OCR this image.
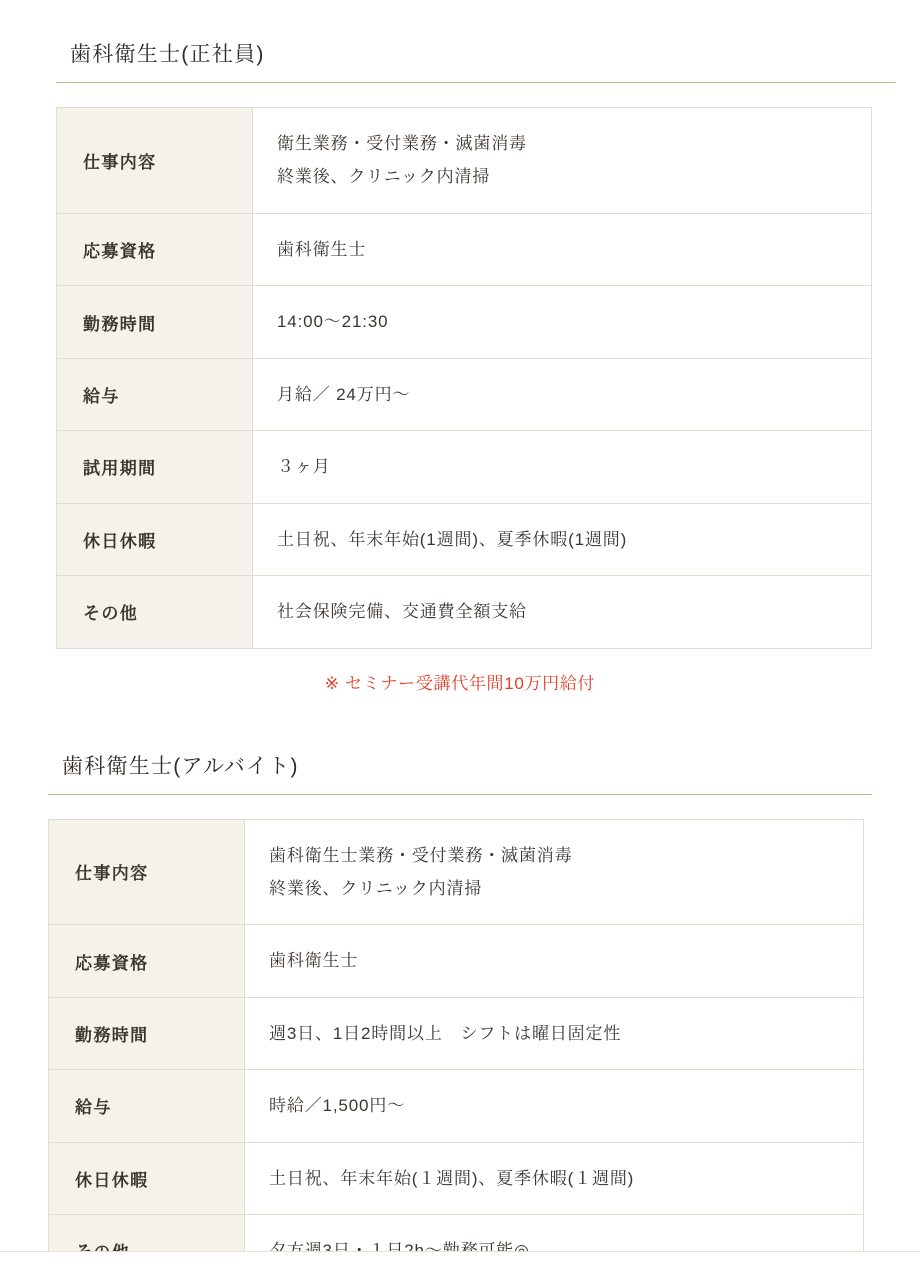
歯科衛生士(正社員)
仕事内容	衛生業務・受付業務・滅菌消毒
終業後、クリニック内清掃

応募資格	歯科衛生士

勤務時間	14:00〜21:30

給与	月給／ 24万円〜

試用期間	３ヶ月

休日休暇	土日祝、年末年始(1週間)、夏季休暇(1週間)

その他	社会保険完備、交通費全額支給
※ セミナー受講代年間10万円給付
歯科衛生士(アルバイト)
仕事内容	歯科衛生士業務・受付業務・滅菌消毒
終業後、クリニック内清掃

応募資格	歯科衛生士

勤務時間	週3日、1日2時間以上　シフトは曜日固定性

給与	時給／1,500円〜

休日休暇	土日祝、年末年始(１週間)、夏季休暇(１週間)
